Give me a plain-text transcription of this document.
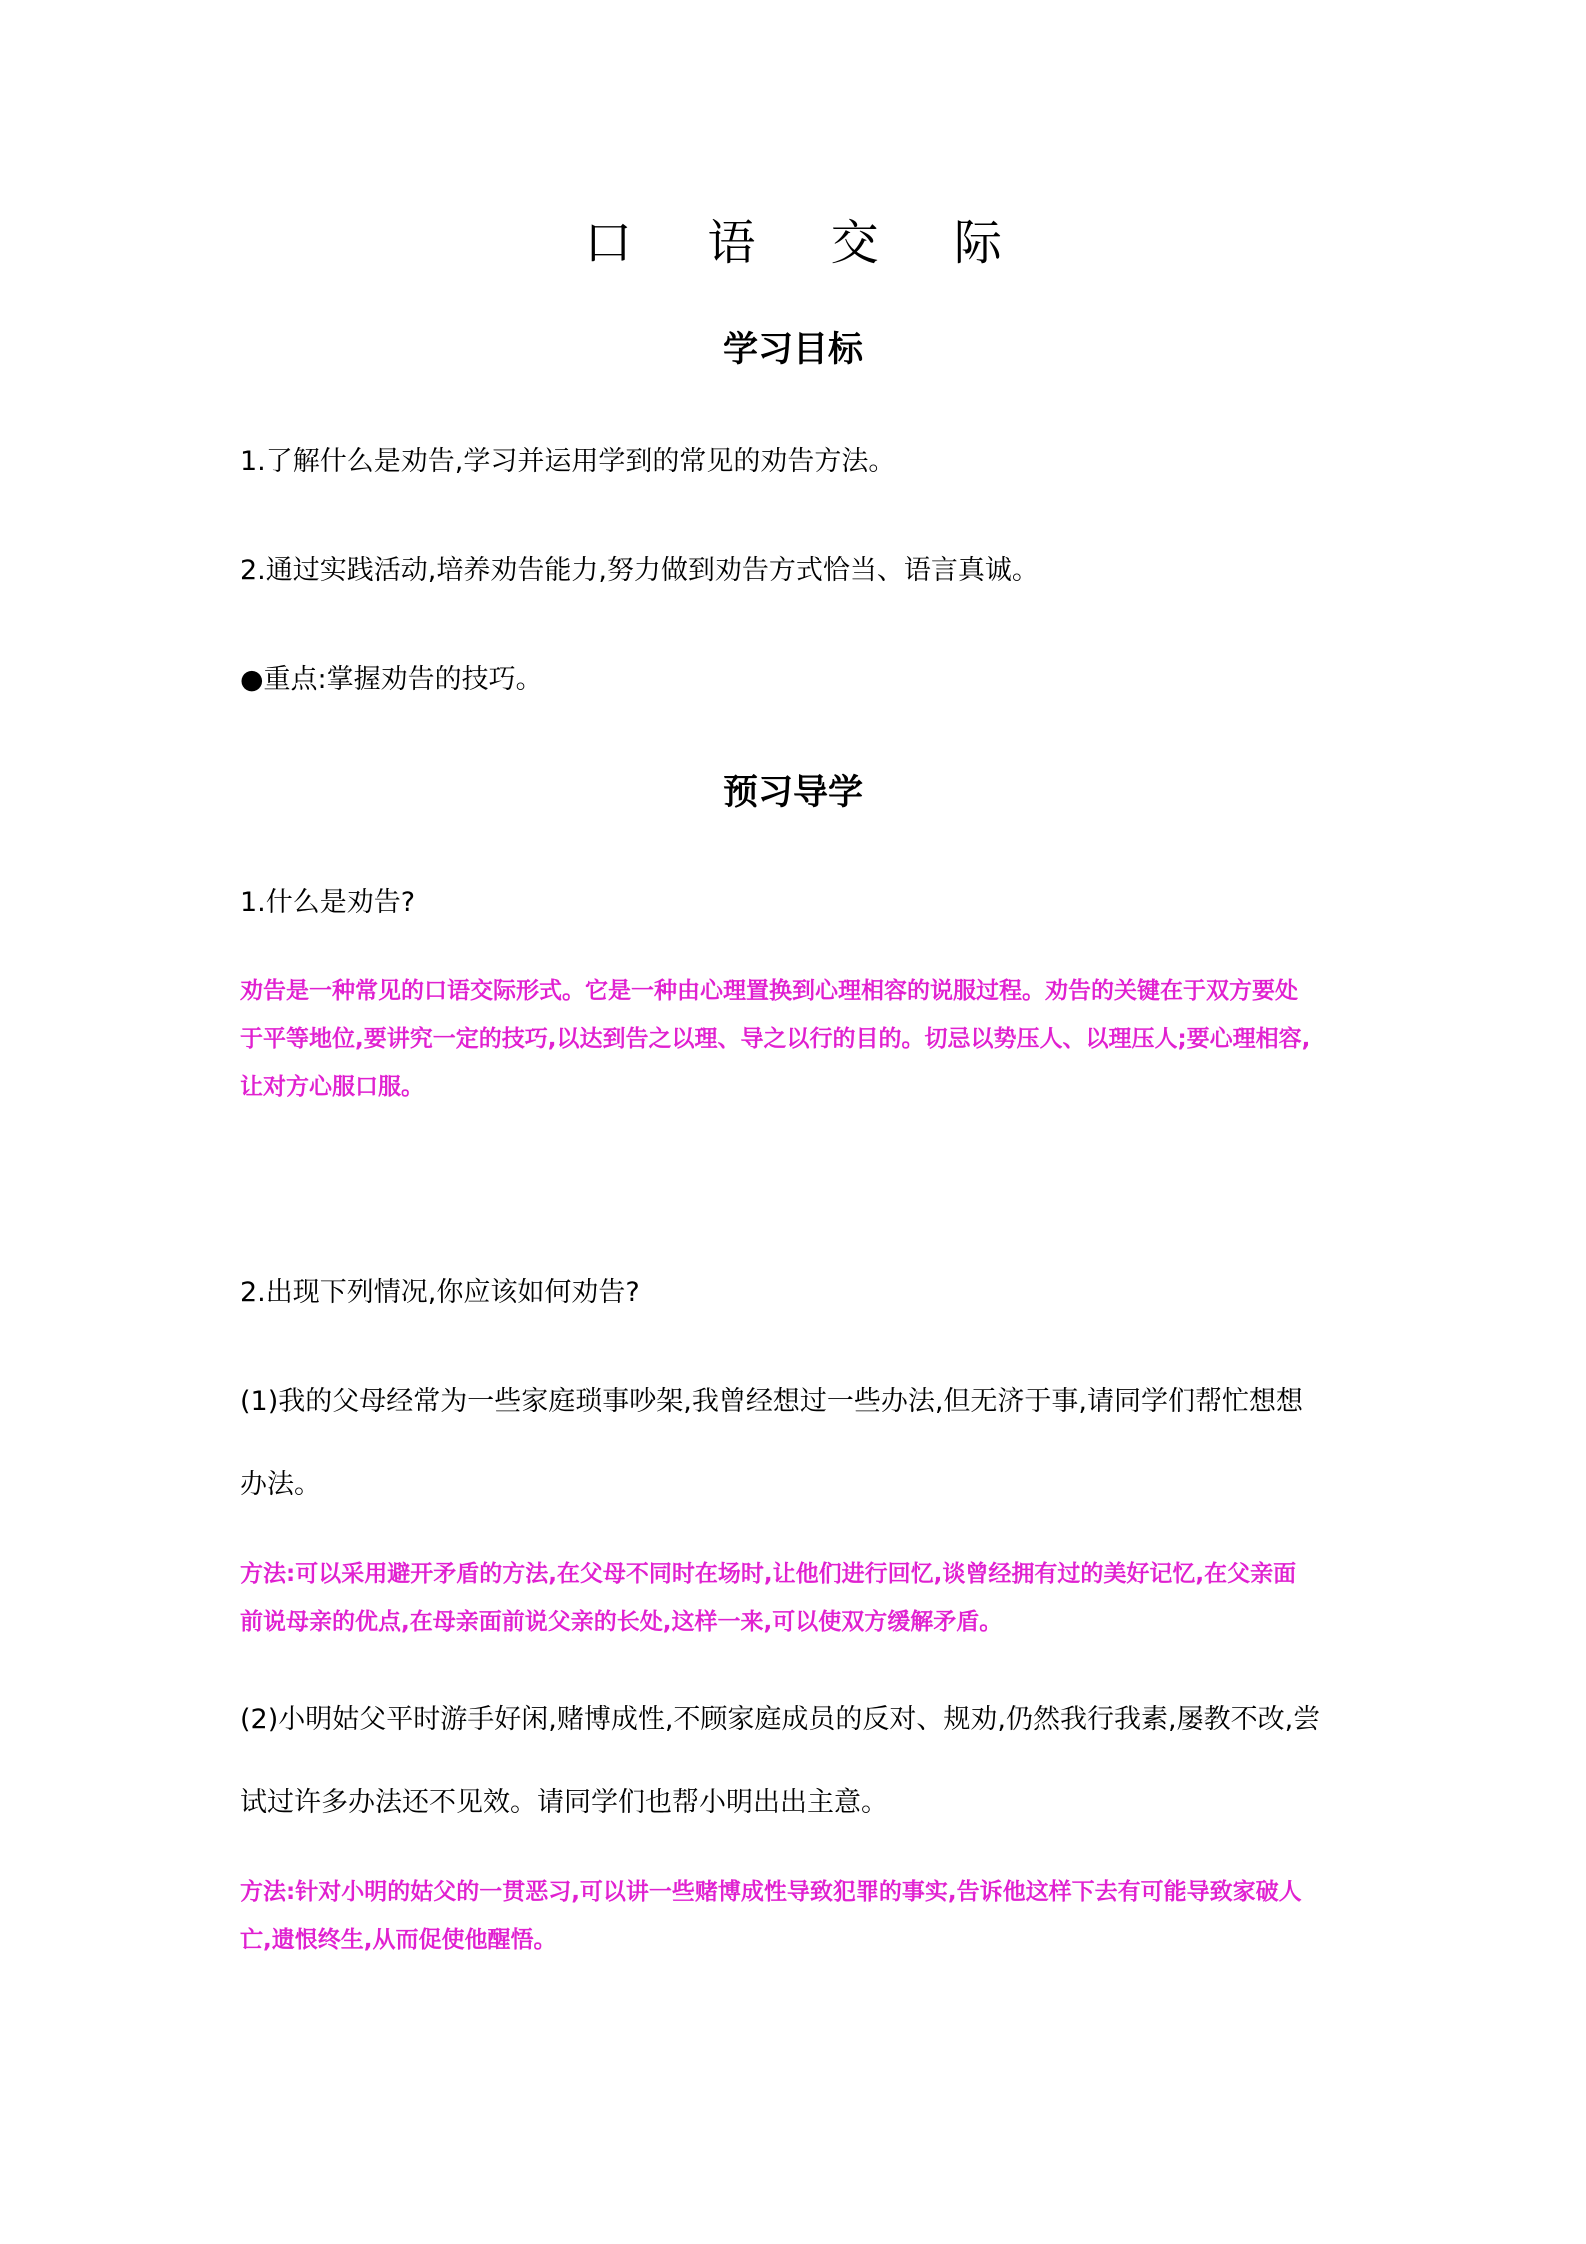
口 语 交 际
学习目标

1.了解什么是劝告,学习并运用学到的常见的劝告方法。

2.通过实践活动,培养劝告能力,努力做到劝告方式恰当、语言真诚。

●重点:掌握劝告的技巧。

预习导学

1.什么是劝告?

劝告是一种常见的口语交际形式。它是一种由心理置换到心理相容的说服过程。劝告的关键在于双方要处
于平等地位,要讲究一定的技巧,以达到告之以理、导之以行的目的。切忌以势压人、以理压人;要心理相容,
让对方心服口服。

2.出现下列情况,你应该如何劝告?

(1)我的父母经常为一些家庭琐事吵架,我曾经想过一些办法,但无济于事,请同学们帮忙想想

办法。

方法:可以采用避开矛盾的方法,在父母不同时在场时,让他们进行回忆,谈曾经拥有过的美好记忆,在父亲面
前说母亲的优点,在母亲面前说父亲的长处,这样一来,可以使双方缓解矛盾。

(2)小明姑父平时游手好闲,赌博成性,不顾家庭成员的反对、规劝,仍然我行我素,屡教不改,尝

试过许多办法还不见效。请同学们也帮小明出出主意。

方法:针对小明的姑父的一贯恶习,可以讲一些赌博成性导致犯罪的事实,告诉他这样下去有可能导致家破人
亡,遗恨终生,从而促使他醒悟。
